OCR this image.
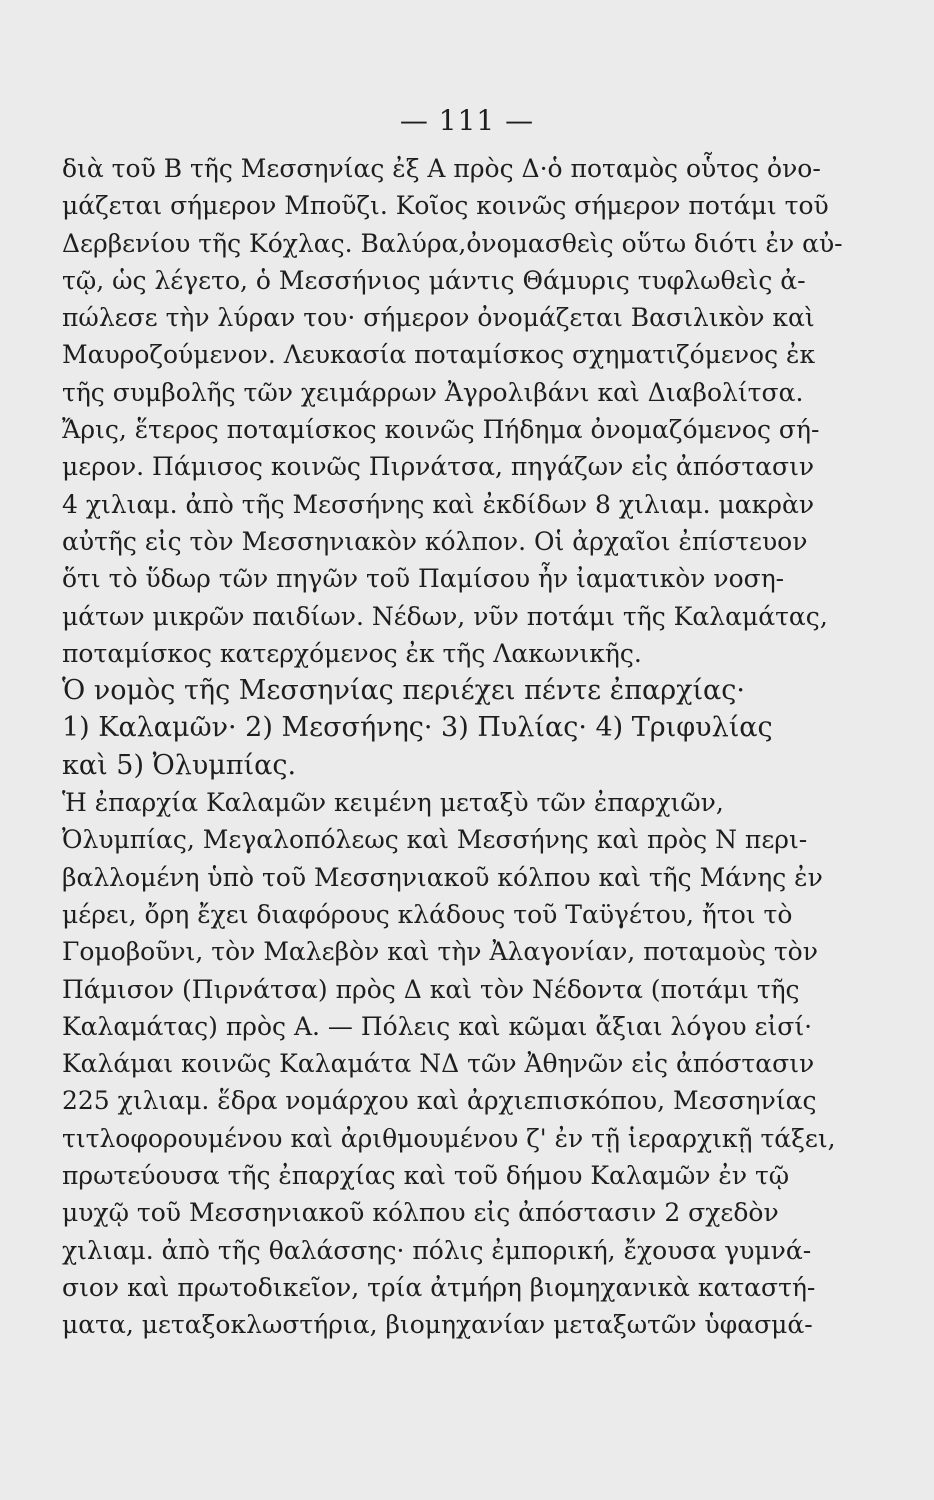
— 111 —
διὰ τοῦ Β τῆς Μεσσηνίας ἐξ Α πρὸς Δ·ὁ ποταμὸς οὗτος ὀνο-
μάζεται σήμερον Μποῦζι. Κοῖος κοινῶς σήμερον ποτάμι τοῦ
Δερβενίου τῆς Κόχλας. Βαλύρα,ὀνομασθεὶς οὕτω διότι ἐν αὐ-
τῷ, ὡς λέγετο, ὁ Μεσσήνιος μάντις Θάμυρις τυφλωθεὶς ἀ-
πώλεσε τὴν λύραν του· σήμερον ὀνομάζεται Βασιλικὸν καὶ
Μαυροζούμενον. Λευκασία ποταμίσκος σχηματιζόμενος ἐκ
τῆς συμβολῆς τῶν χειμάρρων Ἀγρολιβάνι καὶ Διαβολίτσα.
Ἄρις, ἕτερος ποταμίσκος κοινῶς Πήδημα ὀνομαζόμενος σή-
μερον. Πάμισος κοινῶς Πιρνάτσα, πηγάζων εἰς ἀπόστασιν
4 χιλιαμ. ἀπὸ τῆς Μεσσήνης καὶ ἐκδίδων 8 χιλιαμ. μακρὰν
αὐτῆς εἰς τὸν Μεσσηνιακὸν κόλπον. Οἱ ἀρχαῖοι ἐπίστευον
ὅτι τὸ ὕδωρ τῶν πηγῶν τοῦ Παμίσου ἦν ἰαματικὸν νοση-
μάτων μικρῶν παιδίων. Νέδων, νῦν ποτάμι τῆς Καλαμάτας,
ποταμίσκος κατερχόμενος ἐκ τῆς Λακωνικῆς.
Ὁ νομὸς τῆς Μεσσηνίας περιέχει πέντε ἐπαρχίας·
1) Καλαμῶν· 2) Μεσσήνης· 3) Πυλίας· 4) Τριφυλίας
καὶ 5) Ὀλυμπίας.
Ἡ ἐπαρχία Καλαμῶν κειμένη μεταξὺ τῶν ἐπαρχιῶν,
Ὀλυμπίας, Μεγαλοπόλεως καὶ Μεσσήνης καὶ πρὸς Ν περι-
βαλλομένη ὑπὸ τοῦ Μεσσηνιακοῦ κόλπου καὶ τῆς Μάνης ἐν
μέρει, ὄρη ἔχει διαφόρους κλάδους τοῦ Ταϋγέτου, ἤτοι τὸ
Γομοβοῦνι, τὸν Μαλεβὸν καὶ τὴν Ἀλαγονίαν, ποταμοὺς τὸν
Πάμισον (Πιρνάτσα) πρὸς Δ καὶ τὸν Νέδοντα (ποτάμι τῆς
Καλαμάτας) πρὸς Α. — Πόλεις καὶ κῶμαι ἄξιαι λόγου εἰσί·
Καλάμαι κοινῶς Καλαμάτα ΝΔ τῶν Ἀθηνῶν εἰς ἀπόστασιν
225 χιλιαμ. ἕδρα νομάρχου καὶ ἀρχιεπισκόπου, Μεσσηνίας
τιτλοφορουμένου καὶ ἀριθμουμένου ζ' ἐν τῇ ἱεραρχικῇ τάξει,
πρωτεύουσα τῆς ἐπαρχίας καὶ τοῦ δήμου Καλαμῶν ἐν τῷ
μυχῷ τοῦ Μεσσηνιακοῦ κόλπου εἰς ἀπόστασιν 2 σχεδὸν
χιλιαμ. ἀπὸ τῆς θαλάσσης· πόλις ἐμπορική, ἔχουσα γυμνά-
σιον καὶ πρωτοδικεῖον, τρία ἀτμήρη βιομηχανικὰ καταστή-
ματα, μεταξοκλωστήρια, βιομηχανίαν μεταξωτῶν ὑφασμά-
